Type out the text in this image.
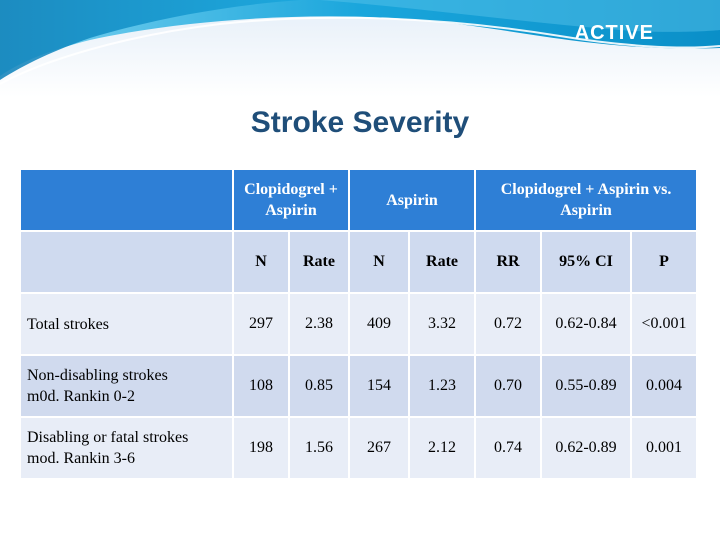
ACTIVE
Stroke Severity
	Clopidogrel + Aspirin		Aspirin		Clopidogrel + Aspirin vs. Aspirin		
	N	Rate	N	Rate	RR	95% CI	P

Total strokes	297	2.38	409	3.32	0.72	0.62-0.84	<0.001

Non-disabling strokes
m0d. Rankin 0-2	108	0.85	154	1.23	0.70	0.55-0.89	0.004

Disabling or fatal strokes
mod. Rankin 3-6	198	1.56	267	2.12	0.74	0.62-0.89	0.001
